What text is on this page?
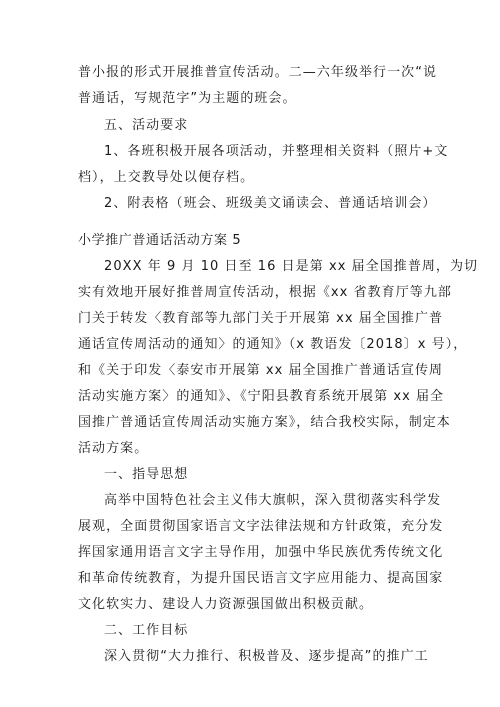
普小报的形式开展推普宣传活动。二—六年级举行一次“说
普通话，写规范字”为主题的班会。
五、活动要求
1、各班积极开展各项活动，并整理相关资料（照片+文
档），上交教导处以便存档。
2、附表格（班会、班级美文诵读会、普通话培训会）
小学推广普通话活动方案 5
20XX 年 9 月 10 日至 16 日是第 xx 届全国推普周，为切
实有效地开展好推普周宣传活动，根据《xx 省教育厅等九部
门关于转发〈教育部等九部门关于开展第 xx 届全国推广普
通话宣传周活动的通知〉的通知》（x 教语发〔2018〕x 号），
和《关于印发〈泰安市开展第 xx 届全国推广普通话宣传周
活动实施方案〉的通知》、《宁阳县教育系统开展第 xx 届全
国推广普通话宣传周活动实施方案》，结合我校实际，制定本
活动方案。
一、指导思想
高举中国特色社会主义伟大旗帜，深入贯彻落实科学发
展观，全面贯彻国家语言文字法律法规和方针政策，充分发
挥国家通用语言文字主导作用，加强中华民族优秀传统文化
和革命传统教育，为提升国民语言文字应用能力、提高国家
文化软实力、建设人力资源强国做出积极贡献。
二、工作目标
深入贯彻“大力推行、积极普及、逐步提高”的推广工
